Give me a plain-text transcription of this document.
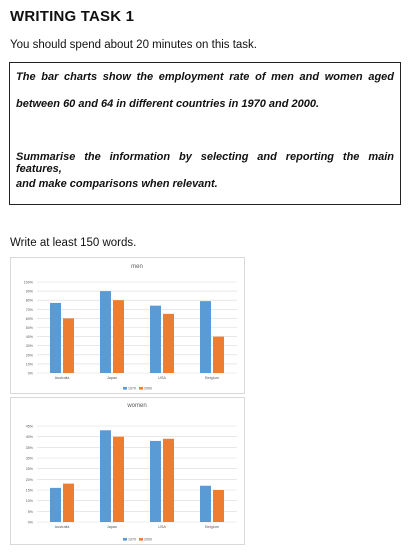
WRITING TASK 1
You should spend about 20 minutes on this task.

The bar charts show the employment rate of men and women aged

between 60 and 64 in different countries in 1970 and 2000.

Summarise the information by selecting and reporting the main features,

and make comparisons when relevant.

Write at least 150 words.
men
0%
10%
20%
30%
40%
50%
60%
70%
80%
90%
100%
Australia	Japan	USA	Belgium
1970 2000
women
0%
5%
10%
15%
20%
25%
30%
35%
40%
45%
Australia	Japan	USA	Belgium
1970 2000
